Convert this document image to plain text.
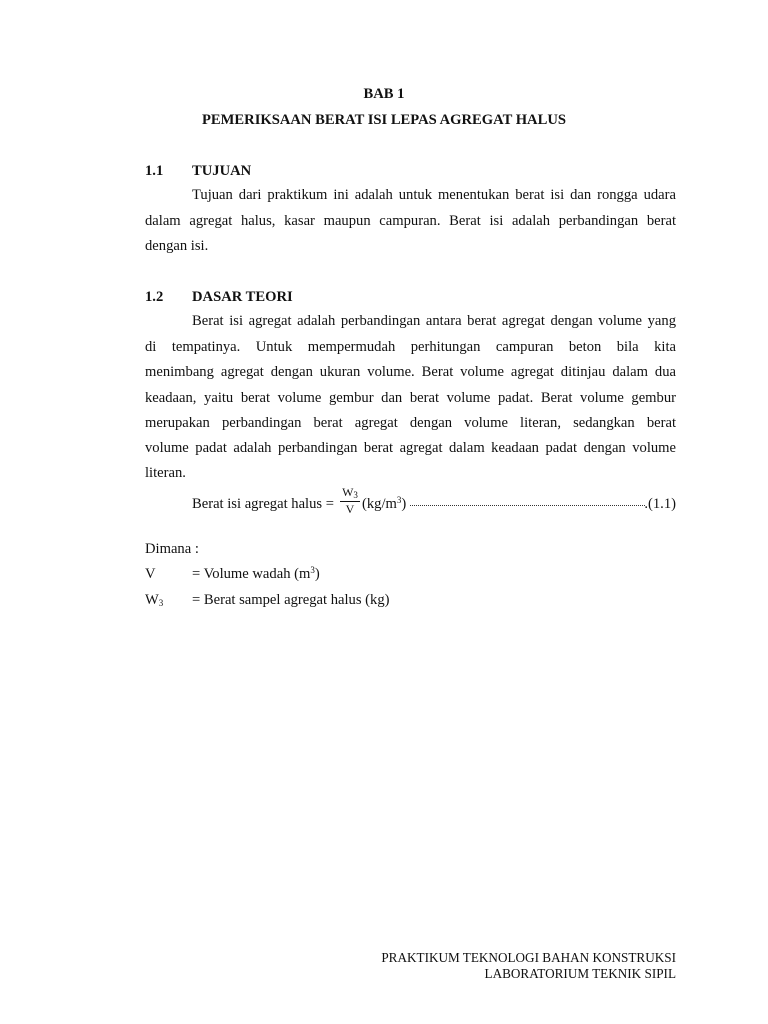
BAB 1
PEMERIKSAAN BERAT ISI LEPAS AGREGAT HALUS
1.1 TUJUAN
Tujuan dari praktikum ini adalah untuk menentukan berat isi dan rongga udara
dalam agregat halus, kasar maupun campuran. Berat isi adalah perbandingan berat
dengan isi.
1.2 DASAR TEORI
Berat isi agregat adalah perbandingan antara berat agregat dengan volume yang
di tempatinya. Untuk mempermudah perhitungan campuran beton bila kita
menimbang agregat dengan ukuran volume. Berat volume agregat ditinjau dalam dua
keadaan, yaitu berat volume gembur dan berat volume padat. Berat volume gembur
merupakan perbandingan berat agregat dengan volume literan, sedangkan berat
volume padat adalah perbandingan berat agregat dalam keadaan padat dengan volume
literan.
Berat isi agregat halus =
$W_3$
V $(kg/m^3)$	.(1.1)
Dimana :
V = Volume wadah $(m^3)$
$W_3$ = Berat sampel agregat halus (kg)
PRAKTIKUM TEKNOLOGI BAHAN KONSTRUKSI
LABORATORIUM TEKNIK SIPIL
